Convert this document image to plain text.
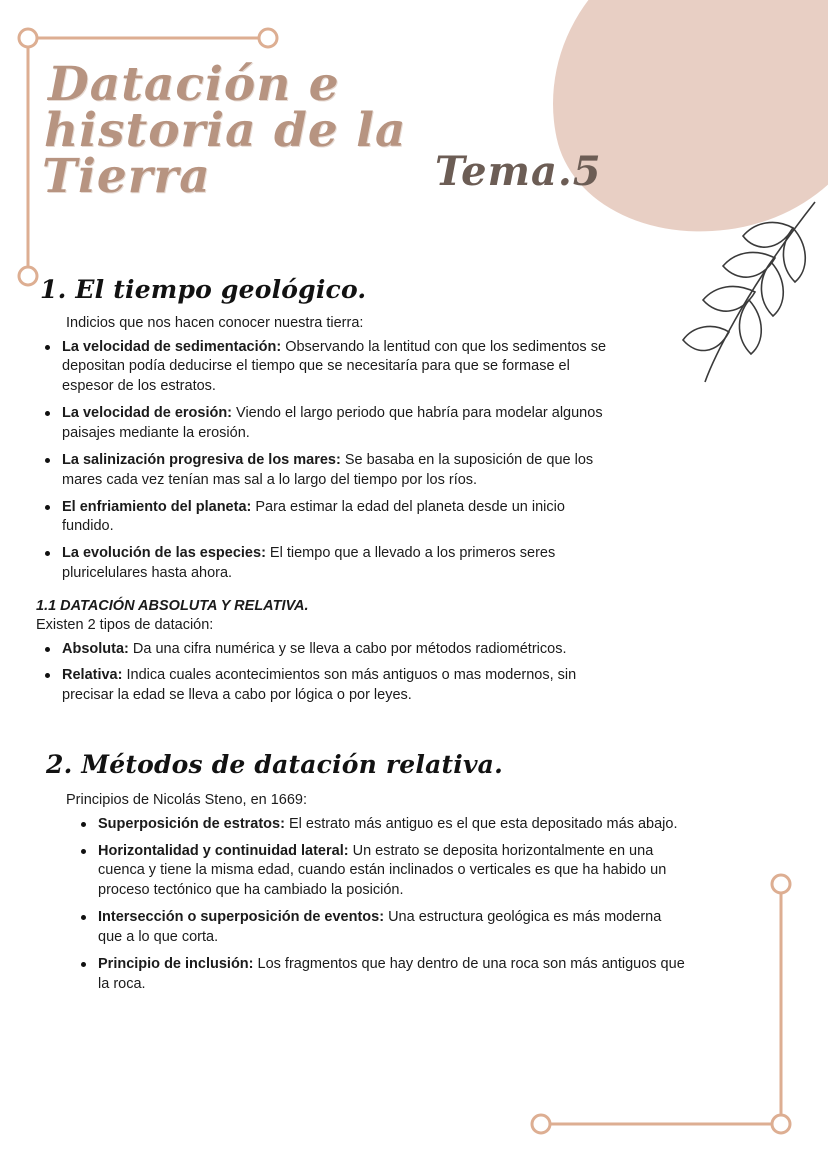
Datación e
historia de la
Tierra	Tema.5
1. El tiempo geológico.

Indicios que nos hacen conocer nuestra tierra:

La velocidad de sedimentación: Observando la lentitud con que los sedimentos se depositan podía deducirse el tiempo que se necesitaría para que se formase el espesor de los estratos.
La velocidad de erosión: Viendo el largo periodo que habría para modelar algunos paisajes mediante la erosión.
La salinización progresiva de los mares: Se basaba en la suposición de que los mares cada vez tenían mas sal a lo largo del tiempo por los ríos.
El enfriamiento del planeta: Para estimar la edad del planeta desde un inicio fundido.
La evolución de las especies: El tiempo que a llevado a los primeros seres pluricelulares hasta ahora.

1.1 DATACIÓN ABSOLUTA Y RELATIVA.

Existen 2 tipos de datación:

Absoluta: Da una cifra numérica y se lleva a cabo por métodos radiométricos.
Relativa: Indica cuales acontecimientos son más antiguos o mas modernos, sin precisar la edad se lleva a cabo por lógica o por leyes.
2. Métodos de datación relativa.

Principios de Nicolás Steno, en 1669:

Superposición de estratos: El estrato más antiguo es el que esta depositado más abajo.
Horizontalidad y continuidad lateral: Un estrato se deposita horizontalmente en una cuenca y tiene la misma edad, cuando están inclinados o verticales es que ha habido un proceso tectónico que ha cambiado la posición.
Intersección o superposición de eventos: Una estructura geológica es más moderna que a lo que corta.
Principio de inclusión: Los fragmentos que hay dentro de una roca son más antiguos que la roca.
